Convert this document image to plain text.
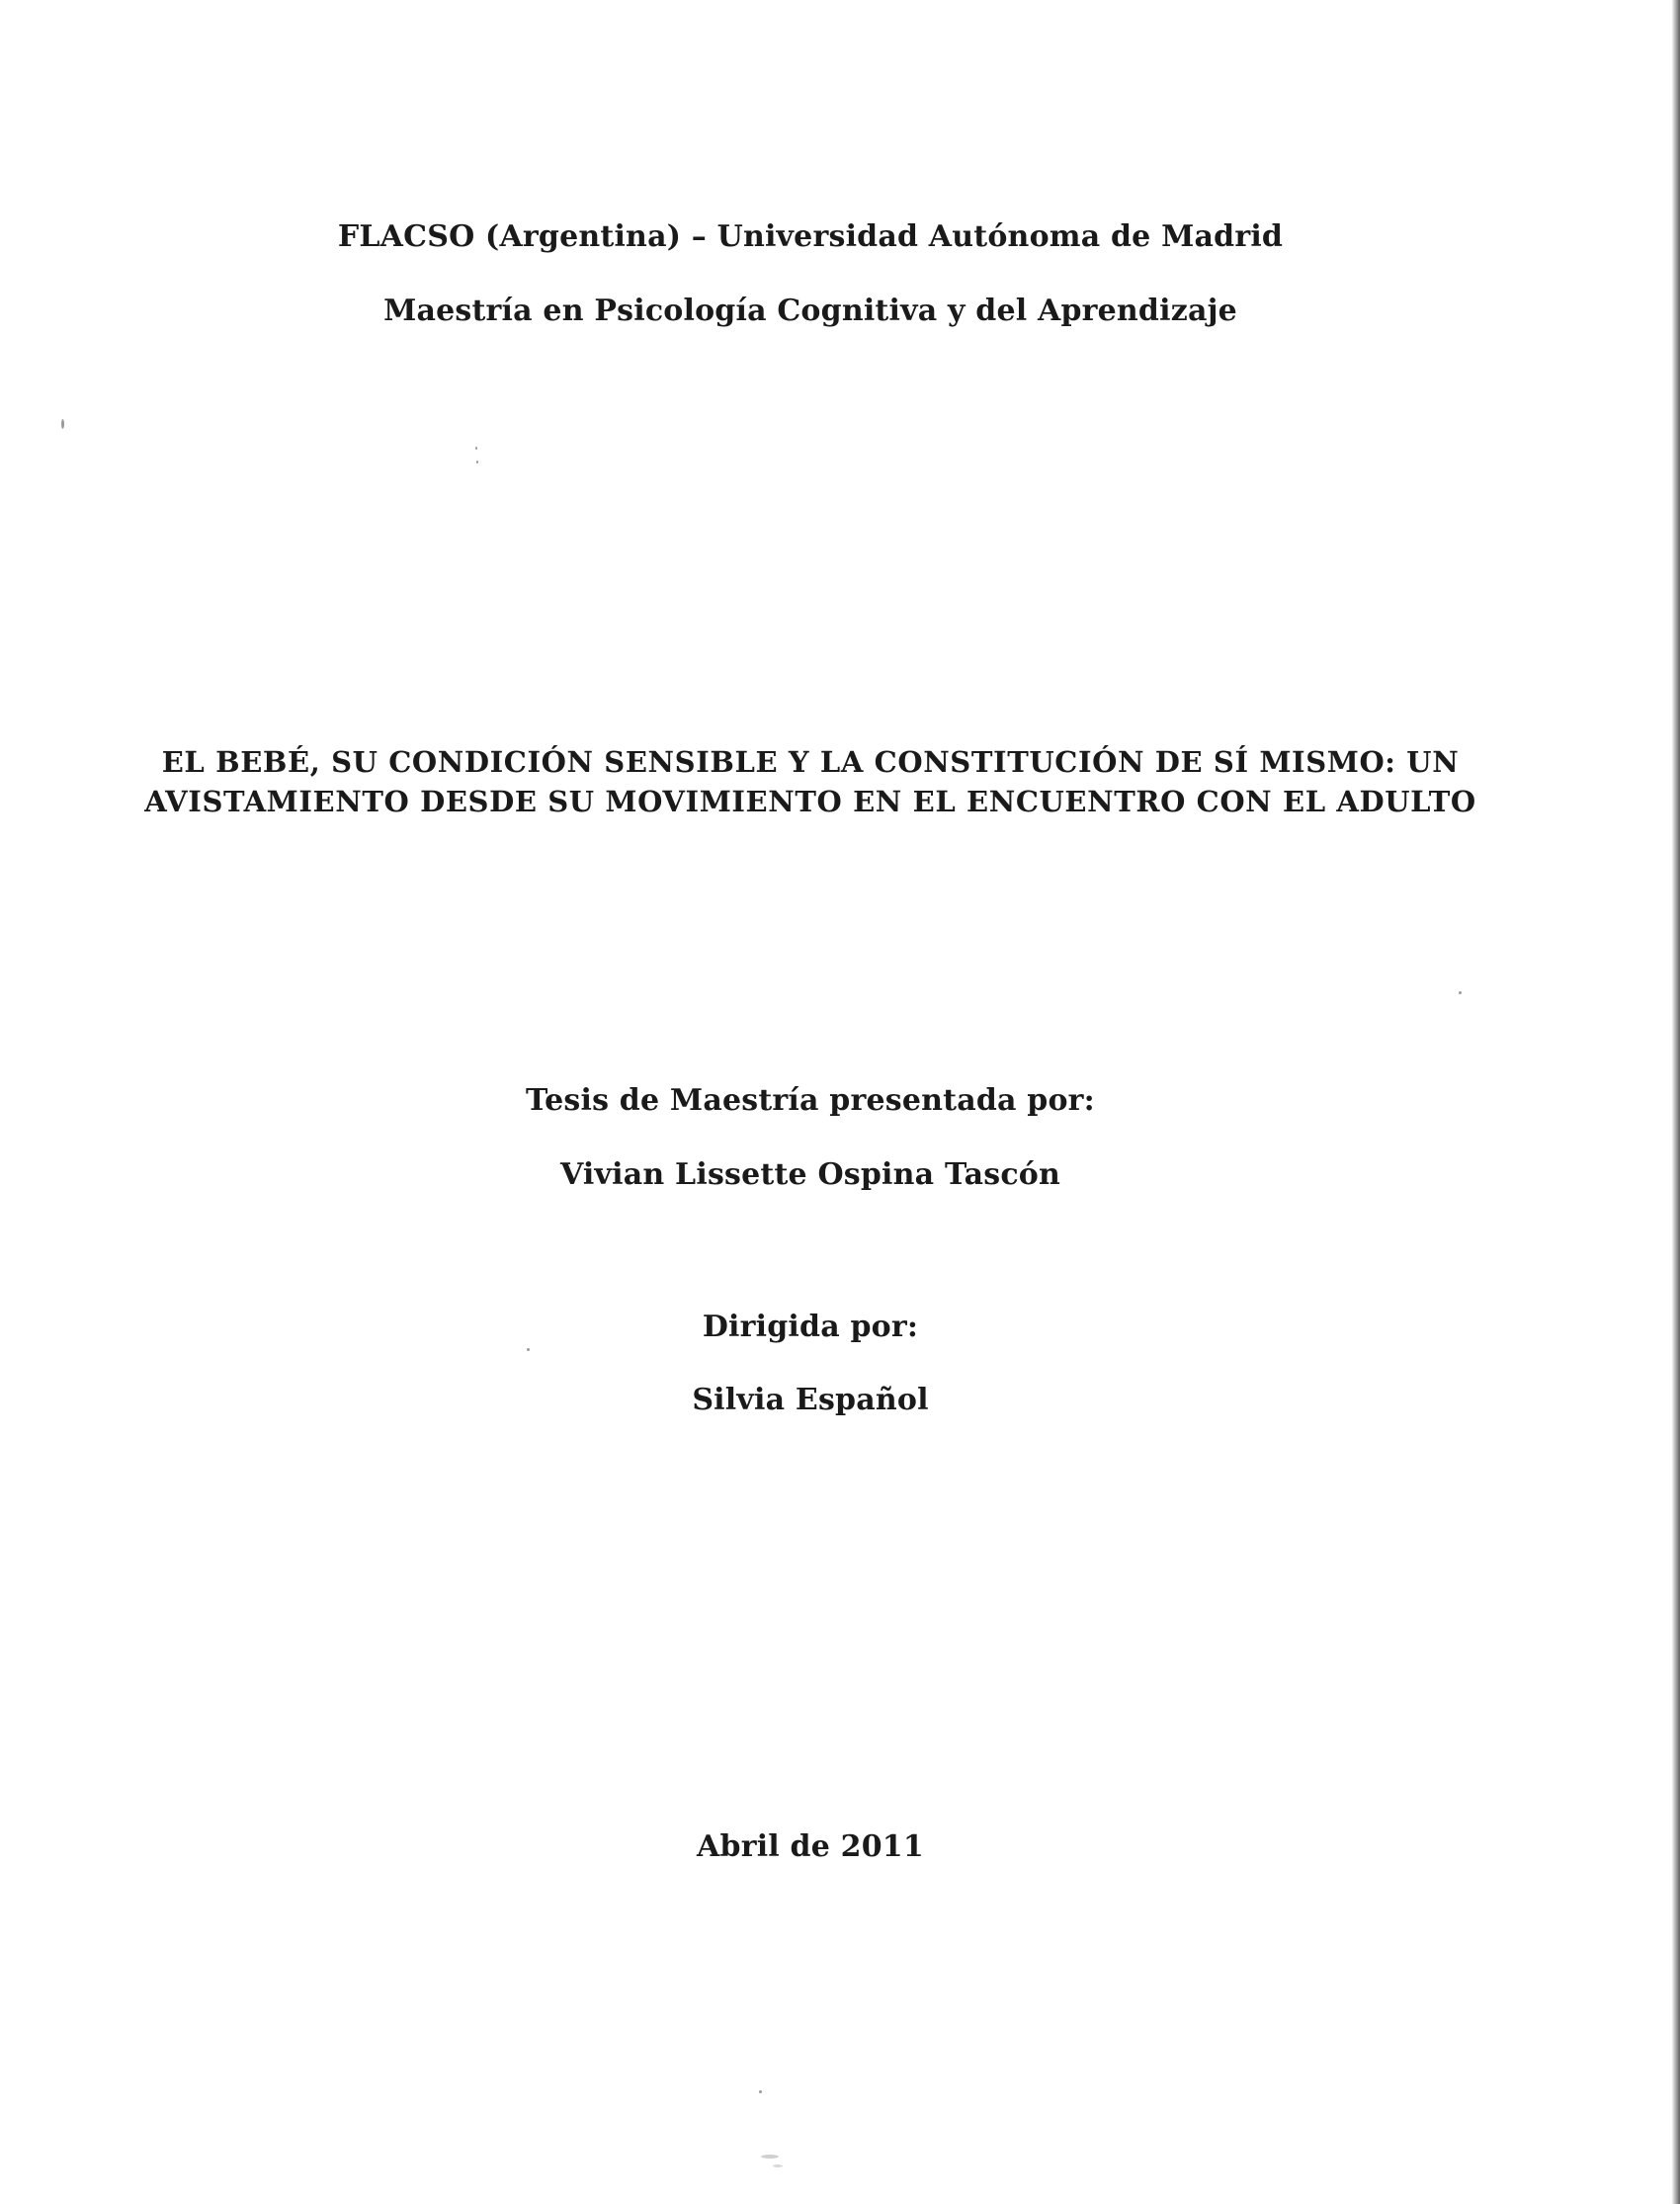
FLACSO (Argentina) – Universidad Autónoma de Madrid
Maestría en Psicología Cognitiva y del Aprendizaje
EL BEBÉ, SU CONDICIÓN SENSIBLE Y LA CONSTITUCIÓN DE SÍ MISMO: UN
AVISTAMIENTO DESDE SU MOVIMIENTO EN EL ENCUENTRO CON EL ADULTO
Tesis de Maestría presentada por:
Vivian Lissette Ospina Tascón
Dirigida por:
Silvia Español
Abril de 2011
